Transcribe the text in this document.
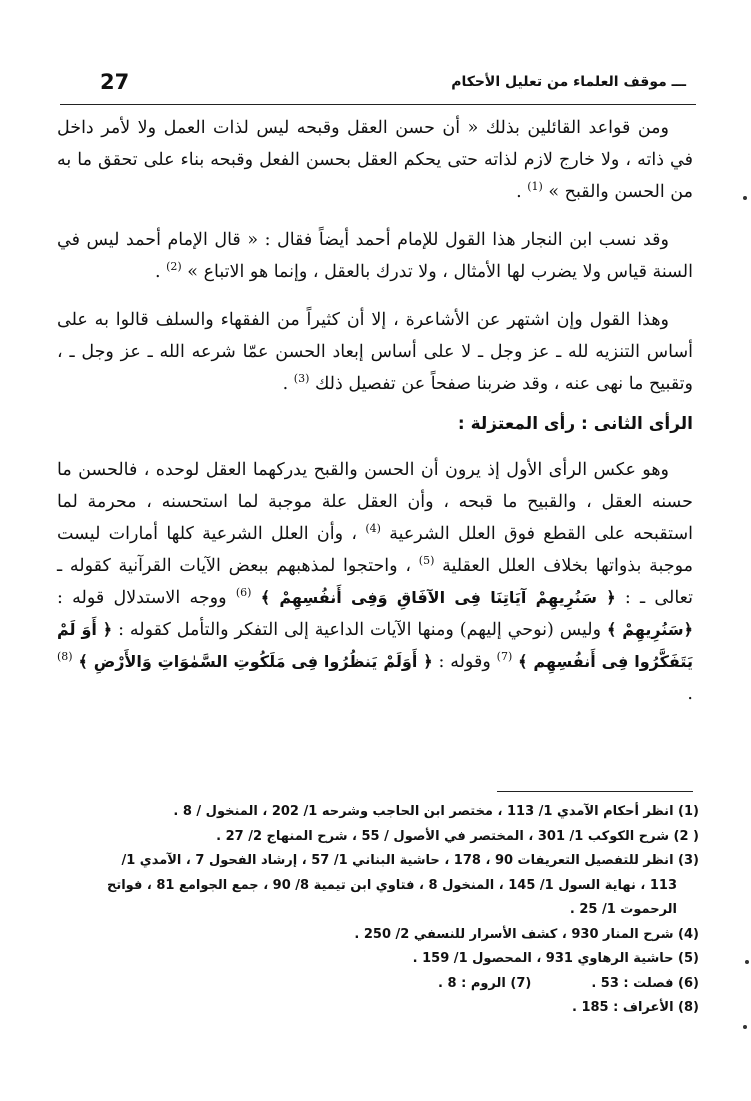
27	ـــ موقف العلماء من تعليل الأحكام

ومن قواعد القائلين بذلك « أن حسن العقل وقبحه ليس لذات العمل ولا لأمر داخل في ذاته ، ولا خارج لازم لذاته حتى يحكم العقل بحسن الفعل وقبحه بناء على تحقق ما به من الحسن والقبح » $^{(1)}$ .

وقد نسب ابن النجار هذا القول للإمام أحمد أيضاً فقال : « قال الإمام أحمد ليس في السنة قياس ولا يضرب لها الأمثال ، ولا تدرك بالعقل ، وإنما هو الاتباع » $^{(2)}$ .

وهذا القول وإن اشتهر عن الأشاعرة ، إلا أن كثيراً من الفقهاء والسلف قالوا به على أساس التنزيه لله ـ عز وجل ـ لا على أساس إبعاد الحسن عمّا شرعه الله ـ عز وجل ـ ، وتقبيح ما نهى عنه ، وقد ضربنا صفحاً عن تفصيل ذلك $^{(3)}$ .

الرأى الثانى : رأى المعتزلة :

وهو عكس الرأى الأول إذ يرون أن الحسن والقبح يدركهما العقل لوحده ، فالحسن ما حسنه العقل ، والقبيح ما قبحه ، وأن العقل علة موجبة لما استحسنه ، محرمة لما استقبحه على القطع فوق العلل الشرعية $^{(4)}$ ، وأن العلل الشرعية كلها أمارات ليست موجبة بذواتها بخلاف العلل العقلية $^{(5)}$ ، واحتجوا لمذهبهم ببعض الآيات القرآنية كقوله ـ تعالى ـ : ﴿ سَنُرِيهِمْ آيَاتِنَا فِى الآفَاقِ وَفِى أَنفُسِهِمْ ﴾ $^{(6)}$ ووجه الاستدلال قوله : ﴿سَنُرِيهِمْ ﴾ وليس (نوحي إليهم) ومنها الآيات الداعية إلى التفكر والتأمل كقوله : ﴿ أَوَ لَمْ يَتَفَكَّرُوا فِى أَنفُسِهِم ﴾ $^{(7)}$ وقوله : ﴿ أَوَلَمْ يَنظُرُوا فِى مَلَكُوتِ السَّمٰوَاتِ وَالأَرْضِ ﴾ $^{(8)}$ .

(1) انظر أحكام الآمدي 1/ 113 ، مختصر ابن الحاجب وشرحه 1/ 202 ، المنخول / 8 .

( 2) شرح الكوكب 1/ 301 ، المختصر في الأصول / 55 ، شرح المنهاج 2/ 27 .

(3) انظر للتفصيل التعريفات 90 ، 178 ، حاشية البناني 1/ 57 ، إرشاد الفحول 7 ، الآمدي 1/

113 ، نهاية السول 1/ 145 ، المنخول 8 ، فتاوي ابن تيمية 8/ 90 ، جمع الجوامع 81 ، فواتح الرحموت 1/ 25 .

(4) شرح المنار 930 ، كشف الأسرار للنسفي 2/ 250 .

(5) حاشية الرهاوي 931 ، المحصول 1/ 159 .

(6) فصلت : 53 .
(7) الروم : 8 .

(8) الأعراف : 185 .
